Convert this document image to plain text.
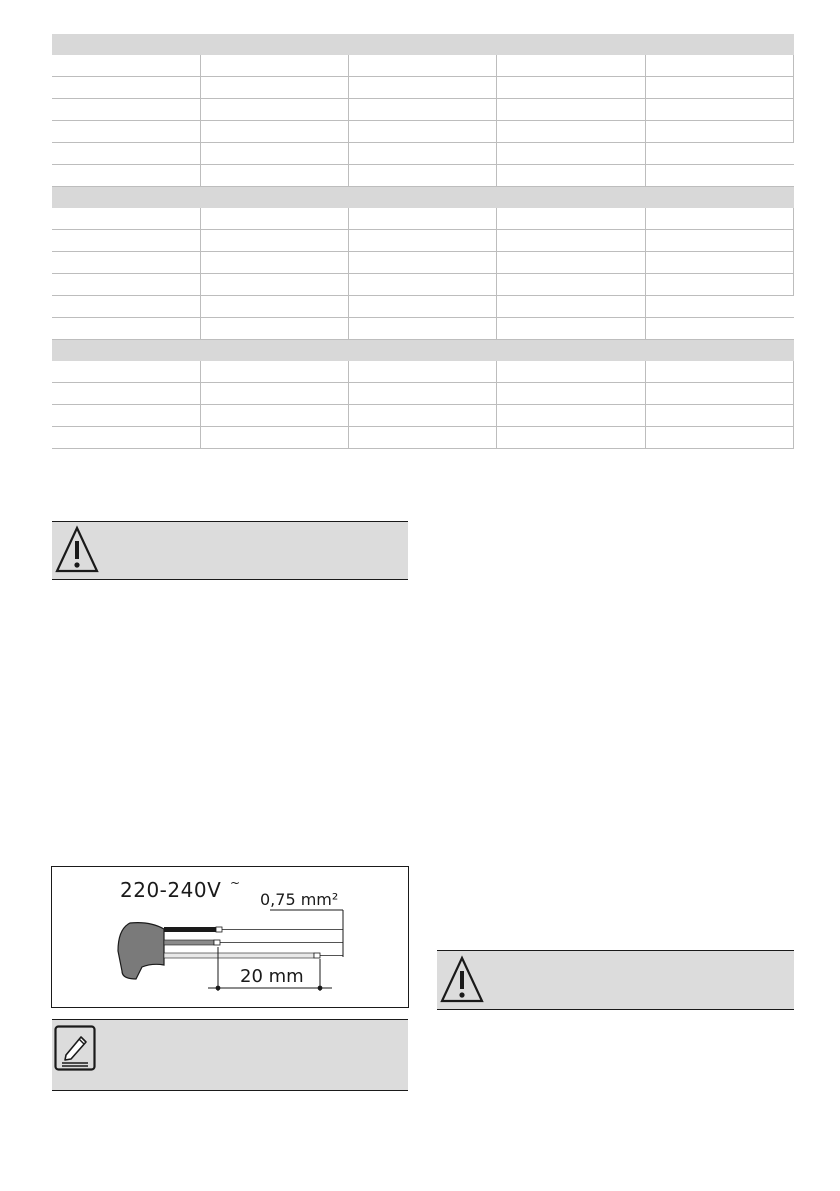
220-240V ~
0,75 mm²
20 mm
